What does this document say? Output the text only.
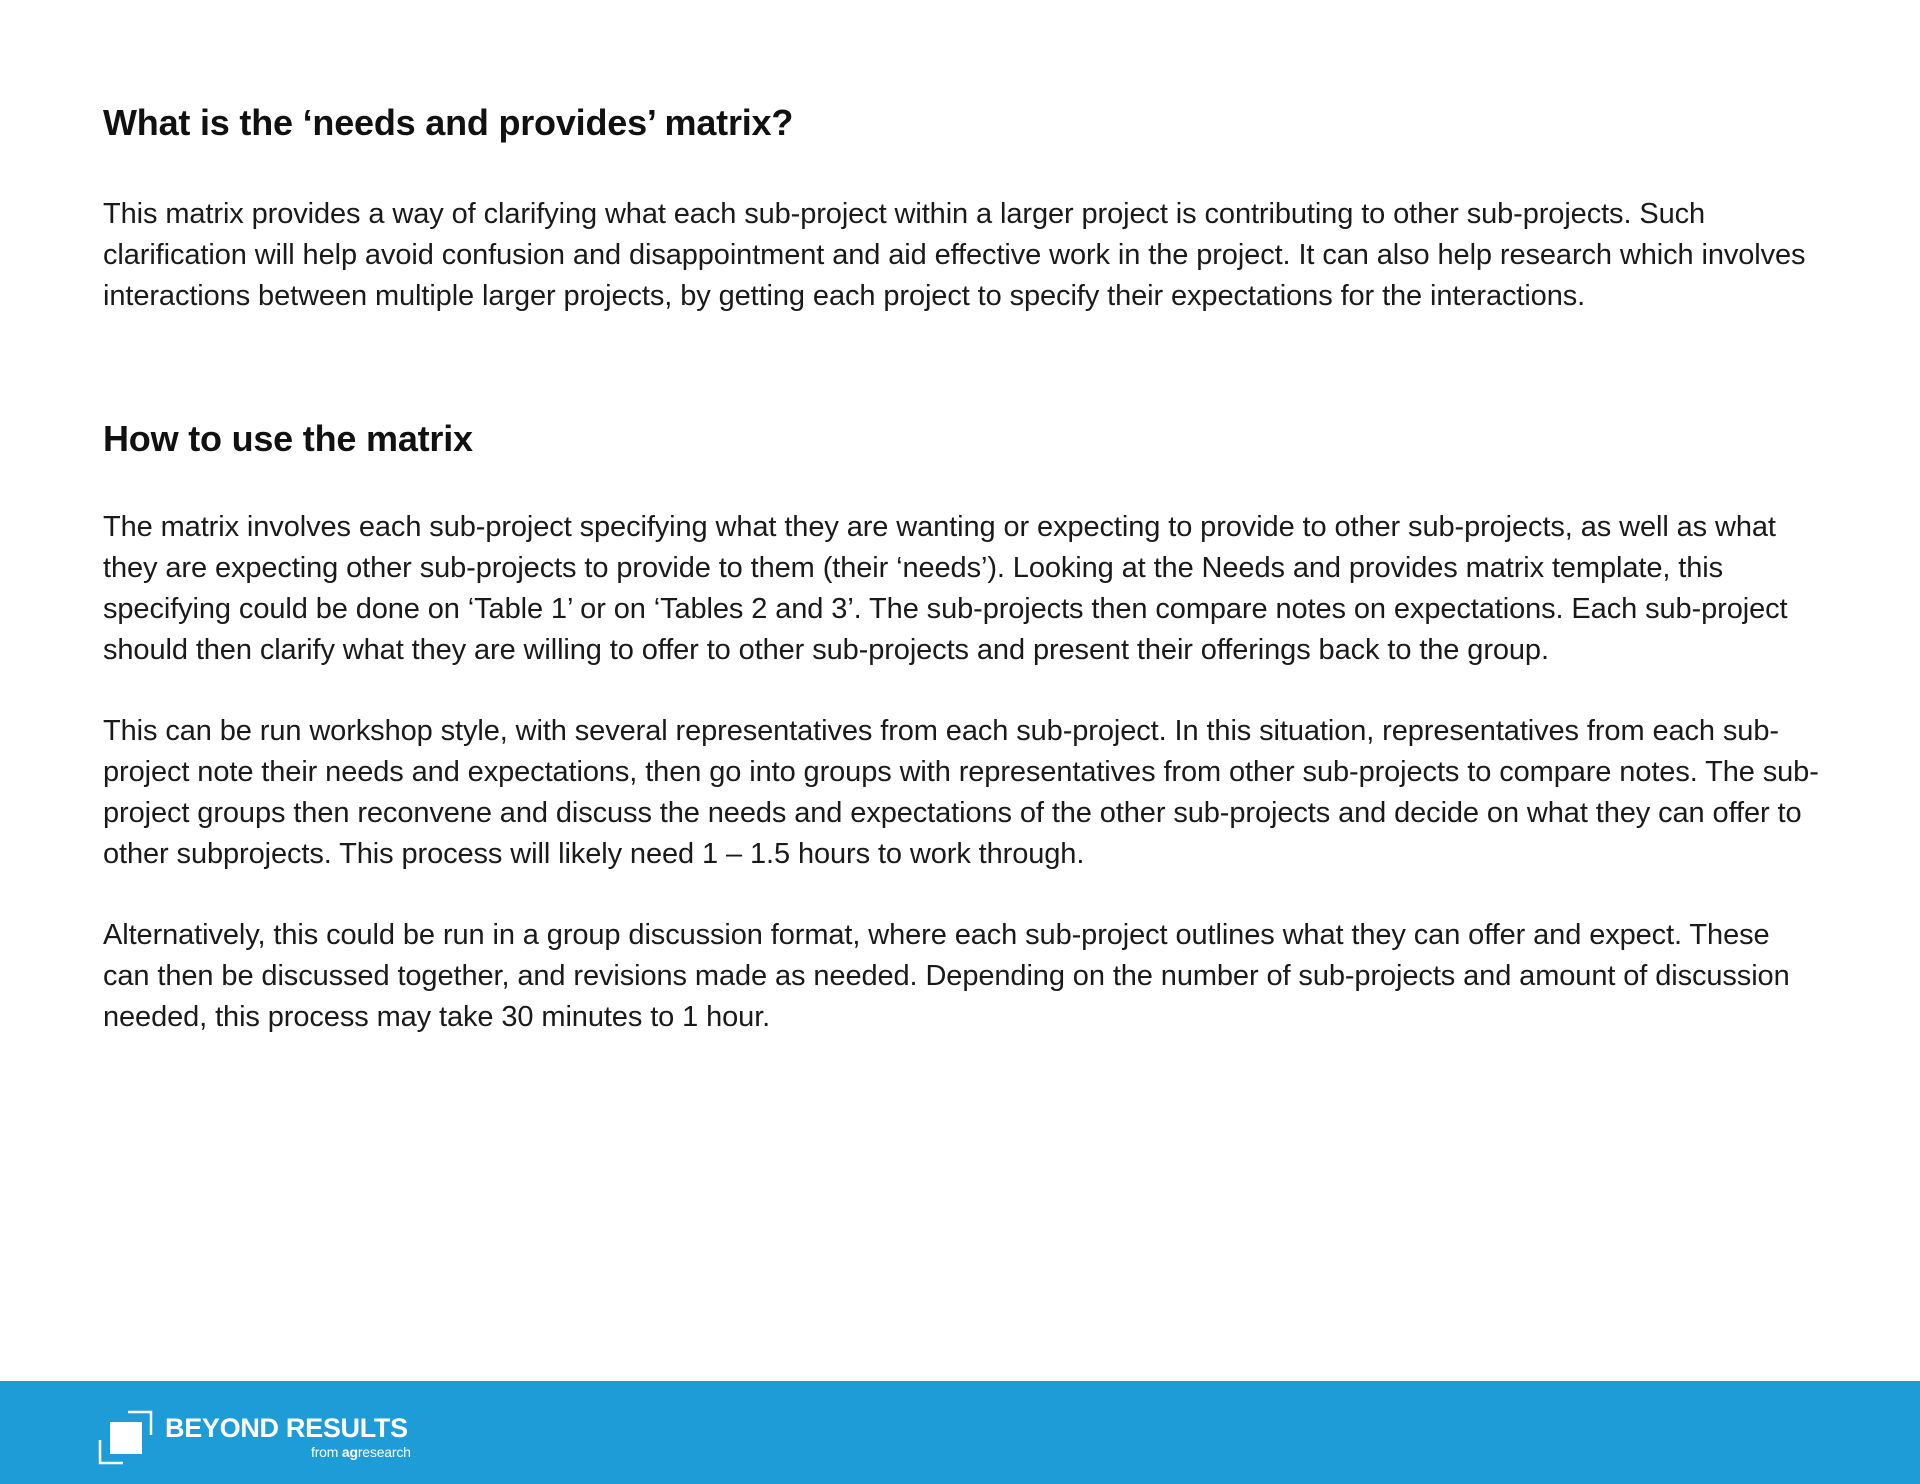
What is the ‘needs and provides’ matrix?

This matrix provides a way of clarifying what each sub-project within a larger project is contributing to other sub-projects. Such clarification will help avoid confusion and disappointment and aid effective work in the project. It can also help research which involves interactions between multiple larger projects, by getting each project to specify their expectations for the interactions.

How to use the matrix

The matrix involves each sub-project specifying what they are wanting or expecting to provide to other sub-projects, as well as what they are expecting other sub-projects to provide to them (their ‘needs’). Looking at the Needs and provides matrix template, this specifying could be done on ‘Table 1’ or on ‘Tables 2 and 3’. The sub-projects then compare notes on expectations. Each sub-project should then clarify what they are willing to offer to other sub-projects and present their offerings back to the group.

This can be run workshop style, with several representatives from each sub-project. In this situation, representatives from each sub-project note their needs and expectations, then go into groups with representatives from other sub-projects to compare notes. The sub-project groups then reconvene and discuss the needs and expectations of the other sub-projects and decide on what they can offer to other subprojects. This process will likely need 1 – 1.5 hours to work through.

Alternatively, this could be run in a group discussion format, where each sub-project outlines what they can offer and expect. These can then be discussed together, and revisions made as needed. Depending on the number of sub-projects and amount of discussion needed, this process may take 30 minutes to 1 hour.

BEYOND RESULTS
from agresearch
